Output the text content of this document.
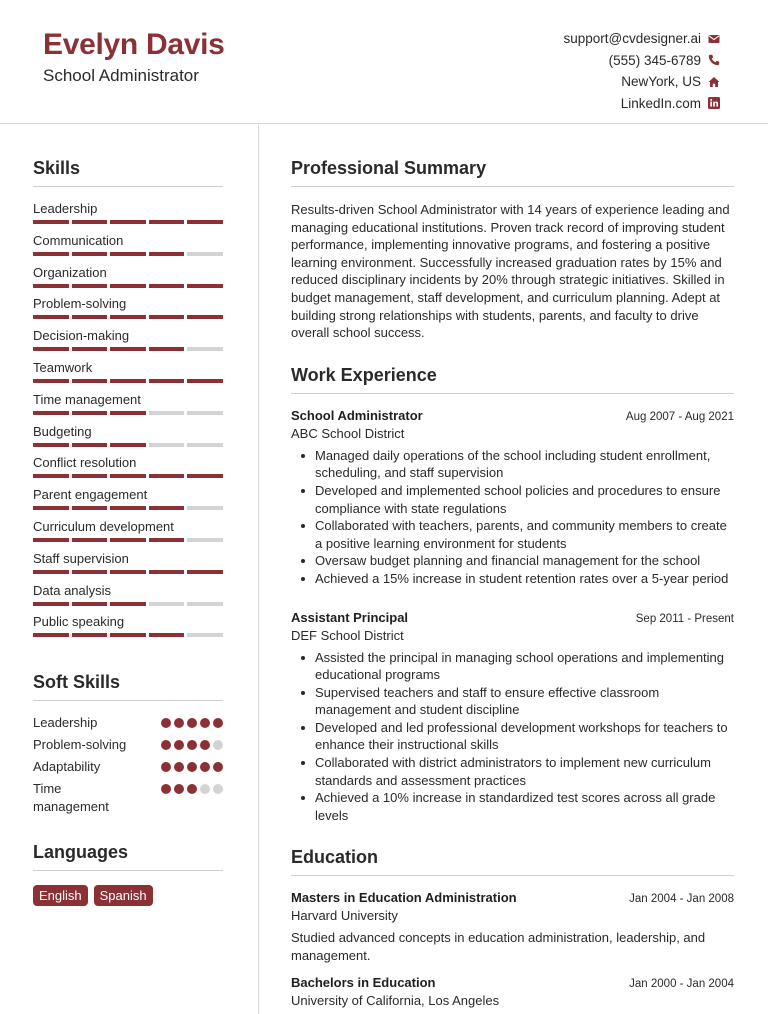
Evelyn Davis
School Administrator
support@cvdesigner.ai
(555) 345-6789
NewYork, US
LinkedIn.com
Skills
Leadership
Communication
Organization
Problem-solving
Decision-making
Teamwork
Time management
Budgeting
Conflict resolution
Parent engagement
Curriculum development
Staff supervision
Data analysis
Public speaking
Soft Skills
Leadership
Problem-solving
Adaptability
Time management
Languages
English	Spanish
Professional Summary
Results-driven School Administrator with 14 years of experience leading and managing educational institutions. Proven track record of improving student performance, implementing innovative programs, and fostering a positive learning environment. Successfully increased graduation rates by 15% and reduced disciplinary incidents by 20% through strategic initiatives. Skilled in budget management, staff development, and curriculum planning. Adept at building strong relationships with students, parents, and faculty to drive overall school success.
Work Experience
School Administrator	Aug 2007 - Aug 2021
ABC School District
Managed daily operations of the school including student enrollment, scheduling, and staff supervision
Developed and implemented school policies and procedures to ensure compliance with state regulations
Collaborated with teachers, parents, and community members to create a positive learning environment for students
Oversaw budget planning and financial management for the school
Achieved a 15% increase in student retention rates over a 5-year period
Assistant Principal	Sep 2011 - Present
DEF School District
Assisted the principal in managing school operations and implementing educational programs
Supervised teachers and staff to ensure effective classroom management and student discipline
Developed and led professional development workshops for teachers to enhance their instructional skills
Collaborated with district administrators to implement new curriculum standards and assessment practices
Achieved a 10% increase in standardized test scores across all grade levels
Education
Masters in Education Administration	Jan 2004 - Jan 2008
Harvard University
Studied advanced concepts in education administration, leadership, and management.
Bachelors in Education	Jan 2000 - Jan 2004
University of California, Los Angeles
